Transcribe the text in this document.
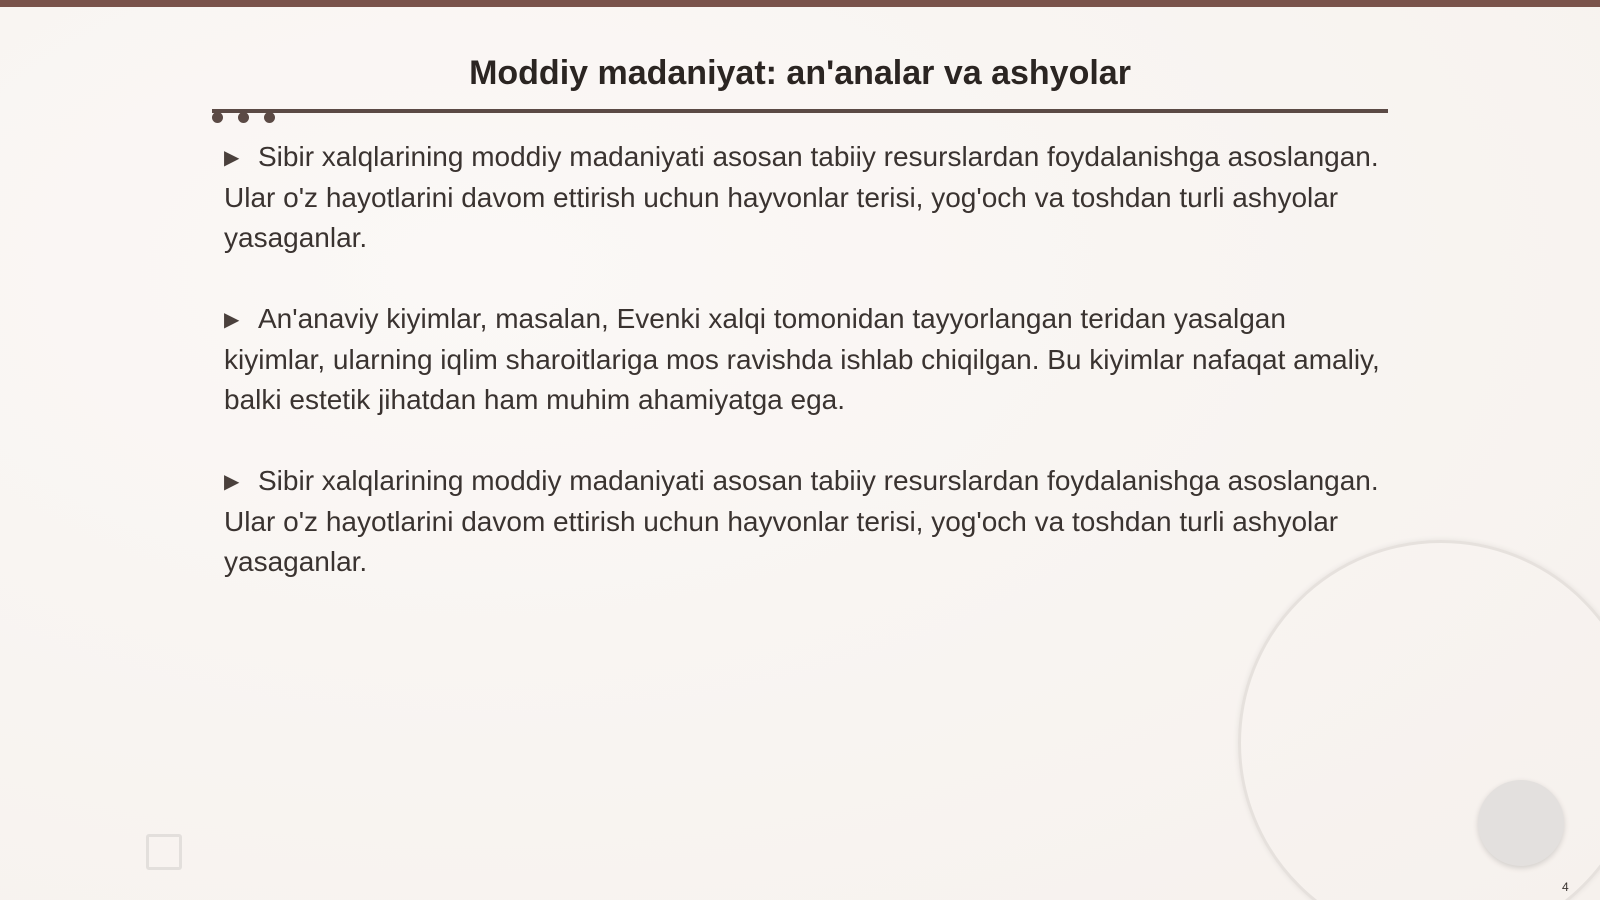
Moddiy madaniyat: an'analar va ashyolar

▶ Sibir xalqlarining moddiy madaniyati asosan tabiiy resurslardan foydalanishga asoslangan. Ular o'z hayotlarini davom ettirish uchun hayvonlar terisi, yog'och va toshdan turli ashyolar yasaganlar.

▶ An'anaviy kiyimlar, masalan, Evenki xalqi tomonidan tayyorlangan teridan yasalgan kiyimlar, ularning iqlim sharoitlariga mos ravishda ishlab chiqilgan. Bu kiyimlar nafaqat amaliy, balki estetik jihatdan ham muhim ahamiyatga ega.

▶ Sibir xalqlarining moddiy madaniyati asosan tabiiy resurslardan foydalanishga asoslangan. Ular o'z hayotlarini davom ettirish uchun hayvonlar terisi, yog'och va toshdan turli ashyolar yasaganlar.

4
